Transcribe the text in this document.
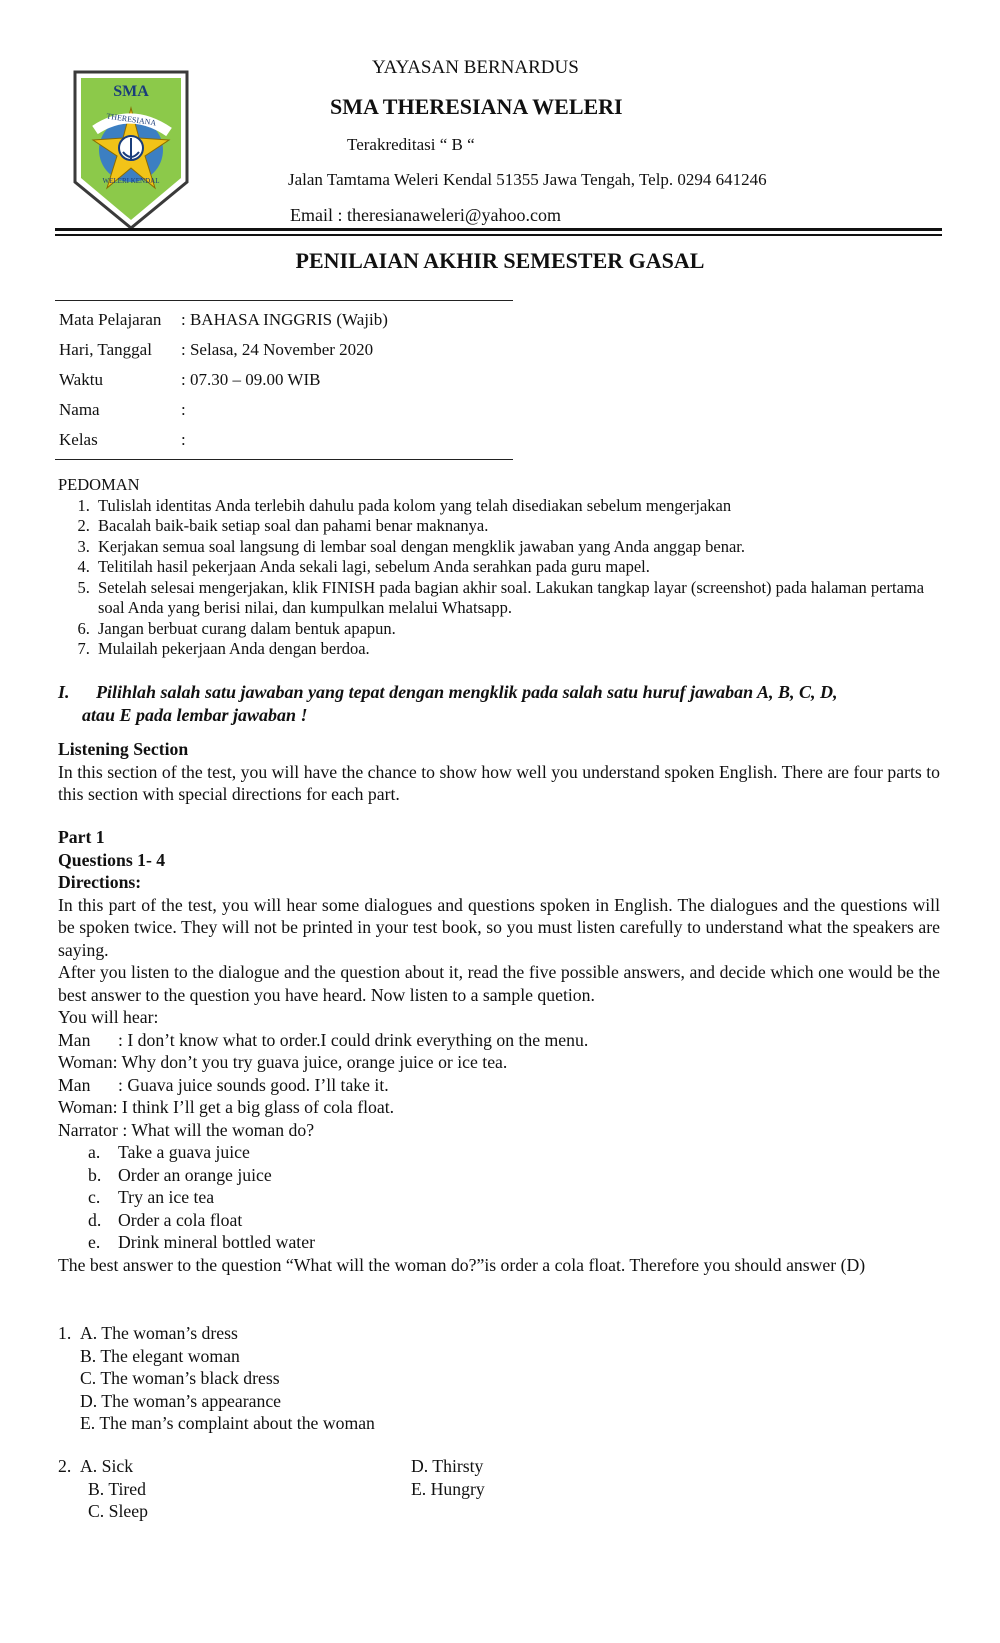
SMA
THERESIANA
WELERI KENDAL
YAYASAN BERNARDUS
SMA THERESIANA WELERI
Terakreditasi “ B “
Jalan Tamtama Weleri Kendal 51355 Jawa Tengah, Telp. 0294 641246
Email : theresianaweleri@yahoo.com
PENILAIAN AKHIR SEMESTER GASAL
Mata Pelajaran	: BAHASA INGGRIS (Wajib)
Hari, Tanggal	: Selasa, 24 November 2020
Waktu	: 07.30 – 09.00 WIB
Nama	:
Kelas	:
PEDOMAN
1. Tulislah identitas Anda terlebih dahulu pada kolom yang telah disediakan sebelum mengerjakan
2. Bacalah baik-baik setiap soal dan pahami benar maknanya.
3. Kerjakan semua soal langsung di lembar soal dengan mengklik jawaban yang Anda anggap benar.
4. Telitilah hasil pekerjaan Anda sekali lagi, sebelum Anda serahkan pada guru mapel.
5. Setelah selesai mengerjakan, klik FINISH pada bagian akhir soal. Lakukan tangkap layar (screenshot) pada halaman pertama soal Anda yang berisi nilai, dan kumpulkan melalui Whatsapp.
6. Jangan berbuat curang dalam bentuk apapun.
7. Mulailah pekerjaan Anda dengan berdoa.
I. Pilihlah salah satu jawaban yang tepat dengan mengklik pada salah satu huruf jawaban A, B, C, D,
atau E pada lembar jawaban !
Listening Section
In this section of the test, you will have the chance to show how well you understand spoken English. There are four parts to this section with special directions for each part.
Part 1
Questions 1- 4
Directions:
In this part of the test, you will hear some dialogues and questions spoken in English. The dialogues and the questions will be spoken twice. They will not be printed in your test book, so you must listen carefully to understand what the speakers are saying.
After you listen to the dialogue and the question about it, read the five possible answers, and decide which one would be the best answer to the question you have heard. Now listen to a sample quetion.
You will hear:
Man	: I don’t know what to order.I could drink everything on the menu.
Woman: Why don’t you try guava juice, orange juice or ice tea.
Man	: Guava juice sounds good. I’ll take it.
Woman: I think I’ll get a big glass of cola float.
Narrator : What will the woman do?
a.	Take a guava juice
b. Order an orange juice
c.	Try an ice tea
d. Order a cola float
e.	Drink mineral bottled water
The best answer to the question “What will the woman do?”is order a cola float. Therefore you should answer (D)
1. A. The woman’s dress
B. The elegant woman
C. The woman’s black dress
D. The woman’s appearance
E. The man’s complaint about the woman
2. A. Sick	D. Thirsty
B. Tired	E. Hungry
C. Sleep
